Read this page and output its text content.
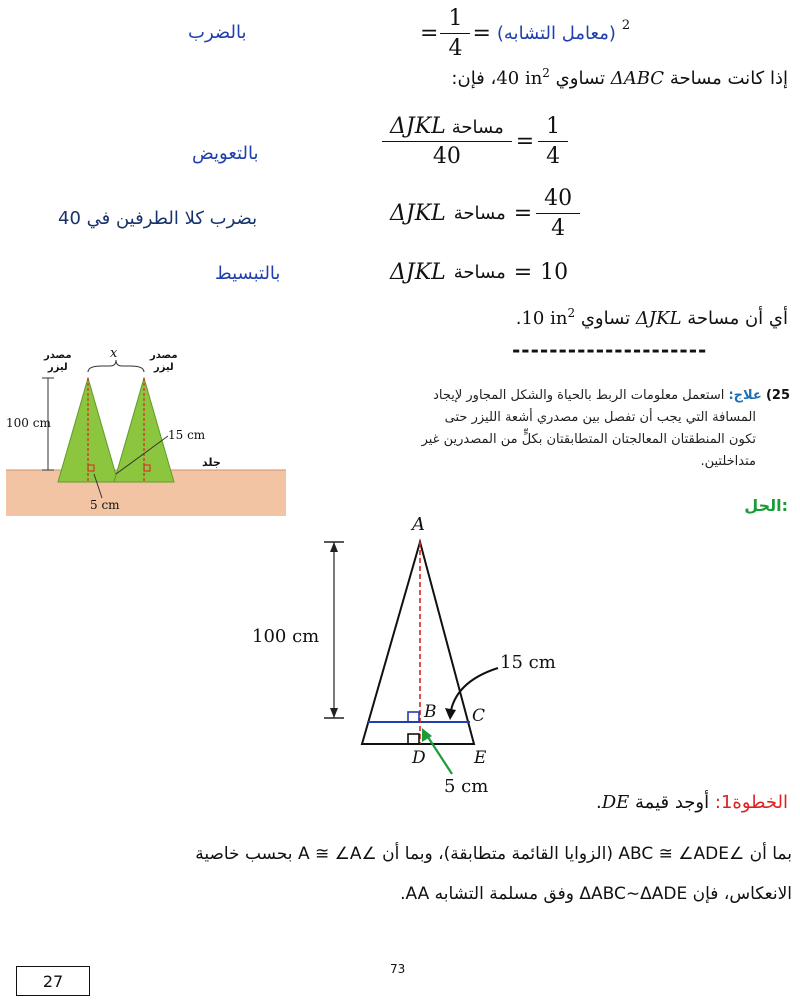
بالضرب	= $\frac{1}{4}$ = (معامل التشابه) $^2$
إذا كانت مساحة ΔABC تساوي 40 $in^2،$ فإن:
بالتعويض	$\frac{\text{ΔJKL مساحة}}{40} = \frac{1}{4}$
بضرب كلا الطرفين في 40	ΔJKL مساحة = $\frac{40}{4}$
بالتبسيط	ΔJKL مساحة = 10
أي أن مساحة ΔJKL تساوي 10 $in^2$.
---------------------
مصدر
ليزر
مصدر
ليزر
x
100 cm
15 cm
جلد
5 cm
25) علاج: استعمل معلومات الربط بالحياة والشكل المجاور لإيجاد
المسافة التي يجب أن تفصل بين مصدري أشعة الليزر حتى
تكون المنطقتان المعالجتان المتطابقتان بكلٍّ من المصدرين غير
متداخلتين.
الحل:
A
B C
D	E
100 cm
15 cm
5 cm
الخطوة1: أوجد قيمة DE.
بما أن ∠ABC ≅ ∠ADE (الزوايا القائمة متطابقة)، وبما أن ∠A ≅ ∠A بحسب خاصية
الانعكاس، فإن ΔABC∼ΔADE وفق مسلمة التشابه AA.
73
27
